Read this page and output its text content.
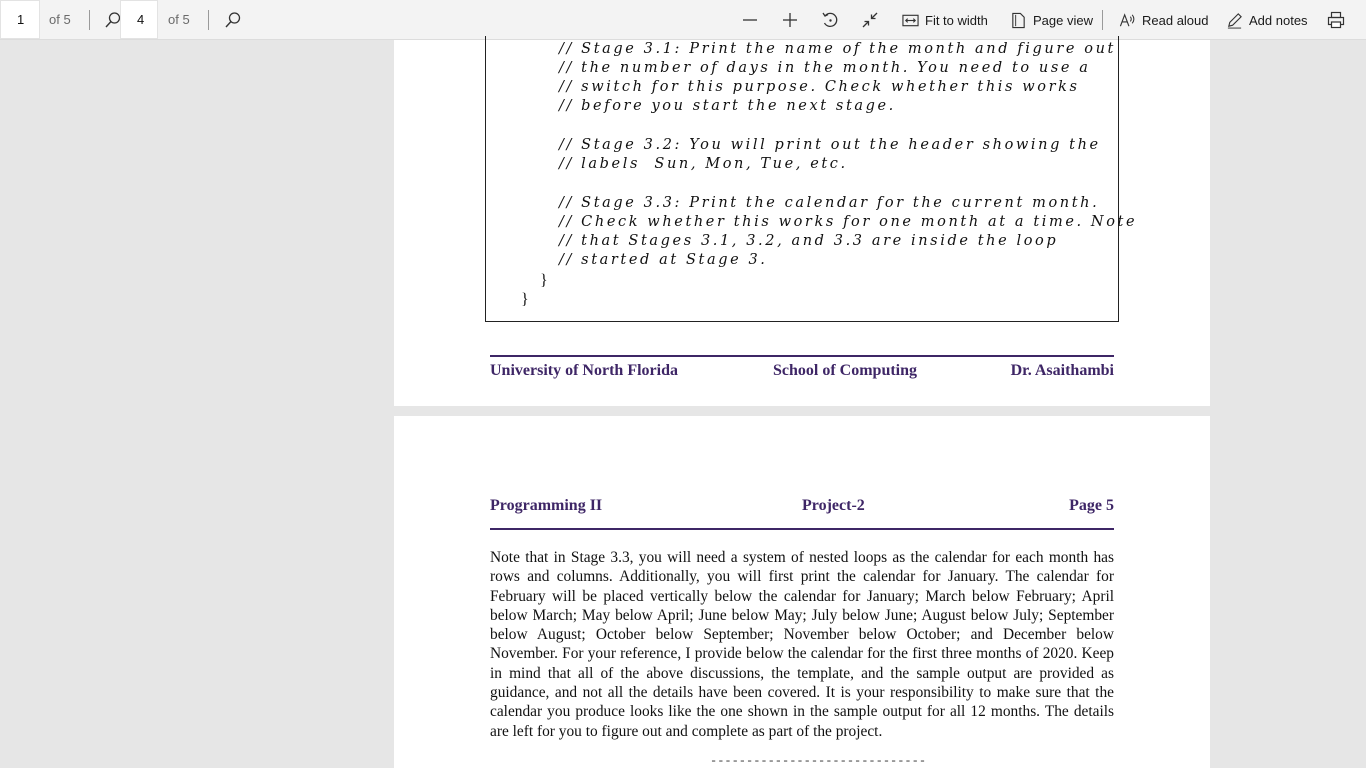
1	of 5	4	of 5	Fit to width	Page view	Read aloud	Add notes
// Stage 3.1: Print the name of the month and figure out
// the number of days in the month. You need to use a
// switch for this purpose. Check whether this works
// before you start the next stage.
// Stage 3.2: You will print out the header showing the
// labels  Sun, Mon, Tue, etc.
// Stage 3.3: Print the calendar for the current month.
// Check whether this works for one month at a time. Note
// that Stages 3.1, 3.2, and 3.3 are inside the loop
// started at Stage 3.
}
}
University of North Florida	School of Computing	Dr. Asaithambi
Programming II	Project-2	Page 5
Note that in Stage 3.3, you will need a system of nested loops as the calendar for each month has rows and columns. Additionally, you will first print the calendar for January. The calendar for February will be placed vertically below the calendar for January; March below February; April below March; May below April; June below May; July below June; August below July; September below August; October below September; November below October; and December below November. For your reference, I provide below the calendar for the first three months of 2020. Keep in mind that all of the above discussions, the template, and the sample output are provided as guidance, and not all the details have been covered. It is your responsibility to make sure that the calendar you produce looks like the one shown in the sample output for all 12 months. The details are left for you to figure out and complete as part of the project.
------------------------------
